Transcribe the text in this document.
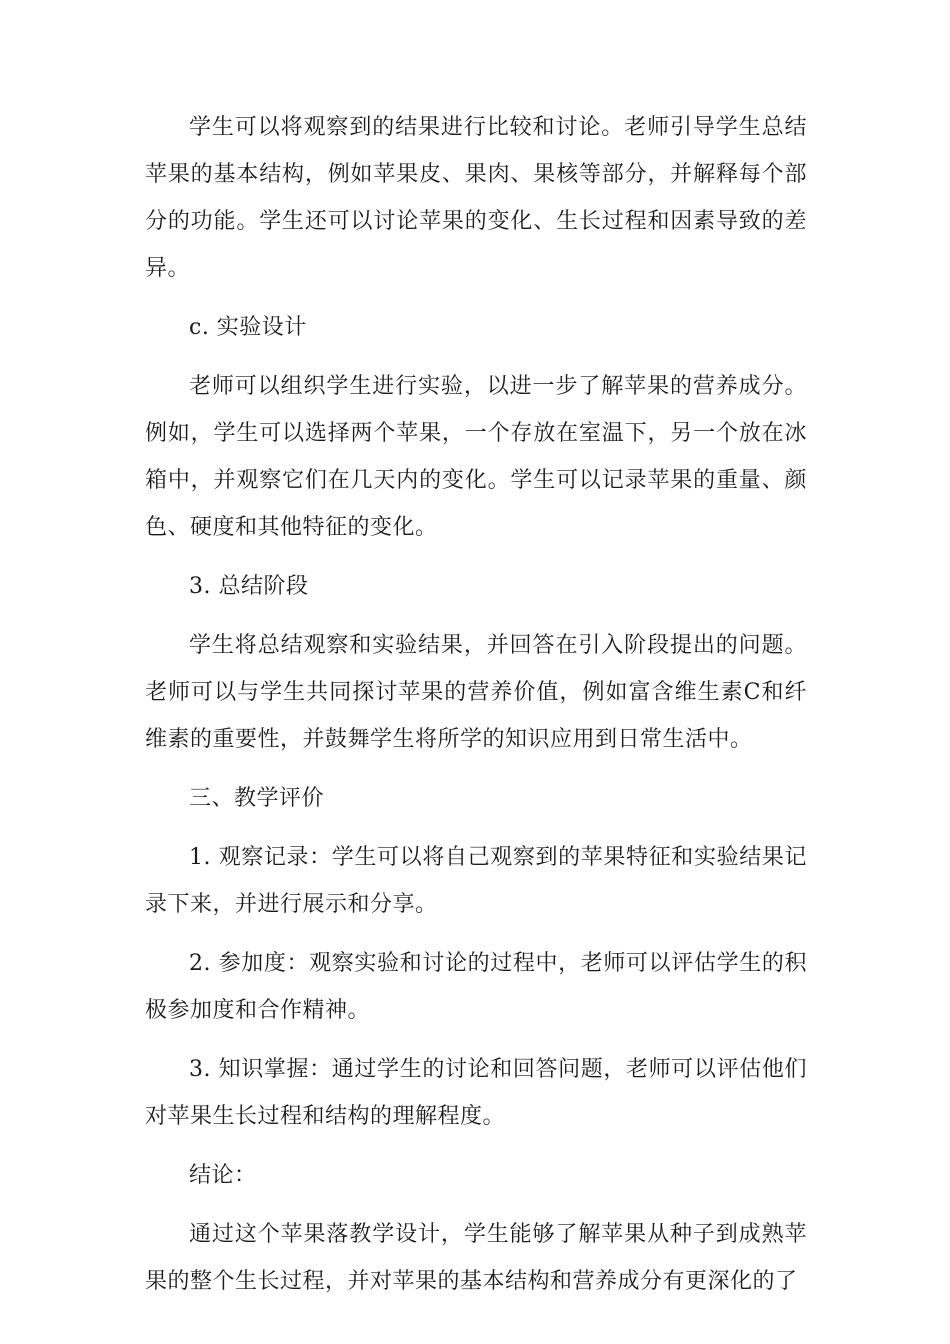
学生可以将观察到的结果进行比较和讨论。老师引导学生总结苹果的基本结构，例如苹果皮、果肉、果核等部分，并解释每个部分的功能。学生还可以讨论苹果的变化、生长过程和因素导致的差异。

c. 实验设计

老师可以组织学生进行实验，以进一步了解苹果的营养成分。例如，学生可以选择两个苹果，一个存放在室温下，另一个放在冰箱中，并观察它们在几天内的变化。学生可以记录苹果的重量、颜色、硬度和其他特征的变化。

3. 总结阶段

学生将总结观察和实验结果，并回答在引入阶段提出的问题。老师可以与学生共同探讨苹果的营养价值，例如富含维生素C和纤维素的重要性，并鼓舞学生将所学的知识应用到日常生活中。

三、教学评价

1. 观察记录：学生可以将自己观察到的苹果特征和实验结果记录下来，并进行展示和分享。

2. 参加度：观察实验和讨论的过程中，老师可以评估学生的积极参加度和合作精神。

3. 知识掌握：通过学生的讨论和回答问题，老师可以评估他们对苹果生长过程和结构的理解程度。

结论：

通过这个苹果落教学设计，学生能够了解苹果从种子到成熟苹果的整个生长过程，并对苹果的基本结构和营养成分有更深化的了
